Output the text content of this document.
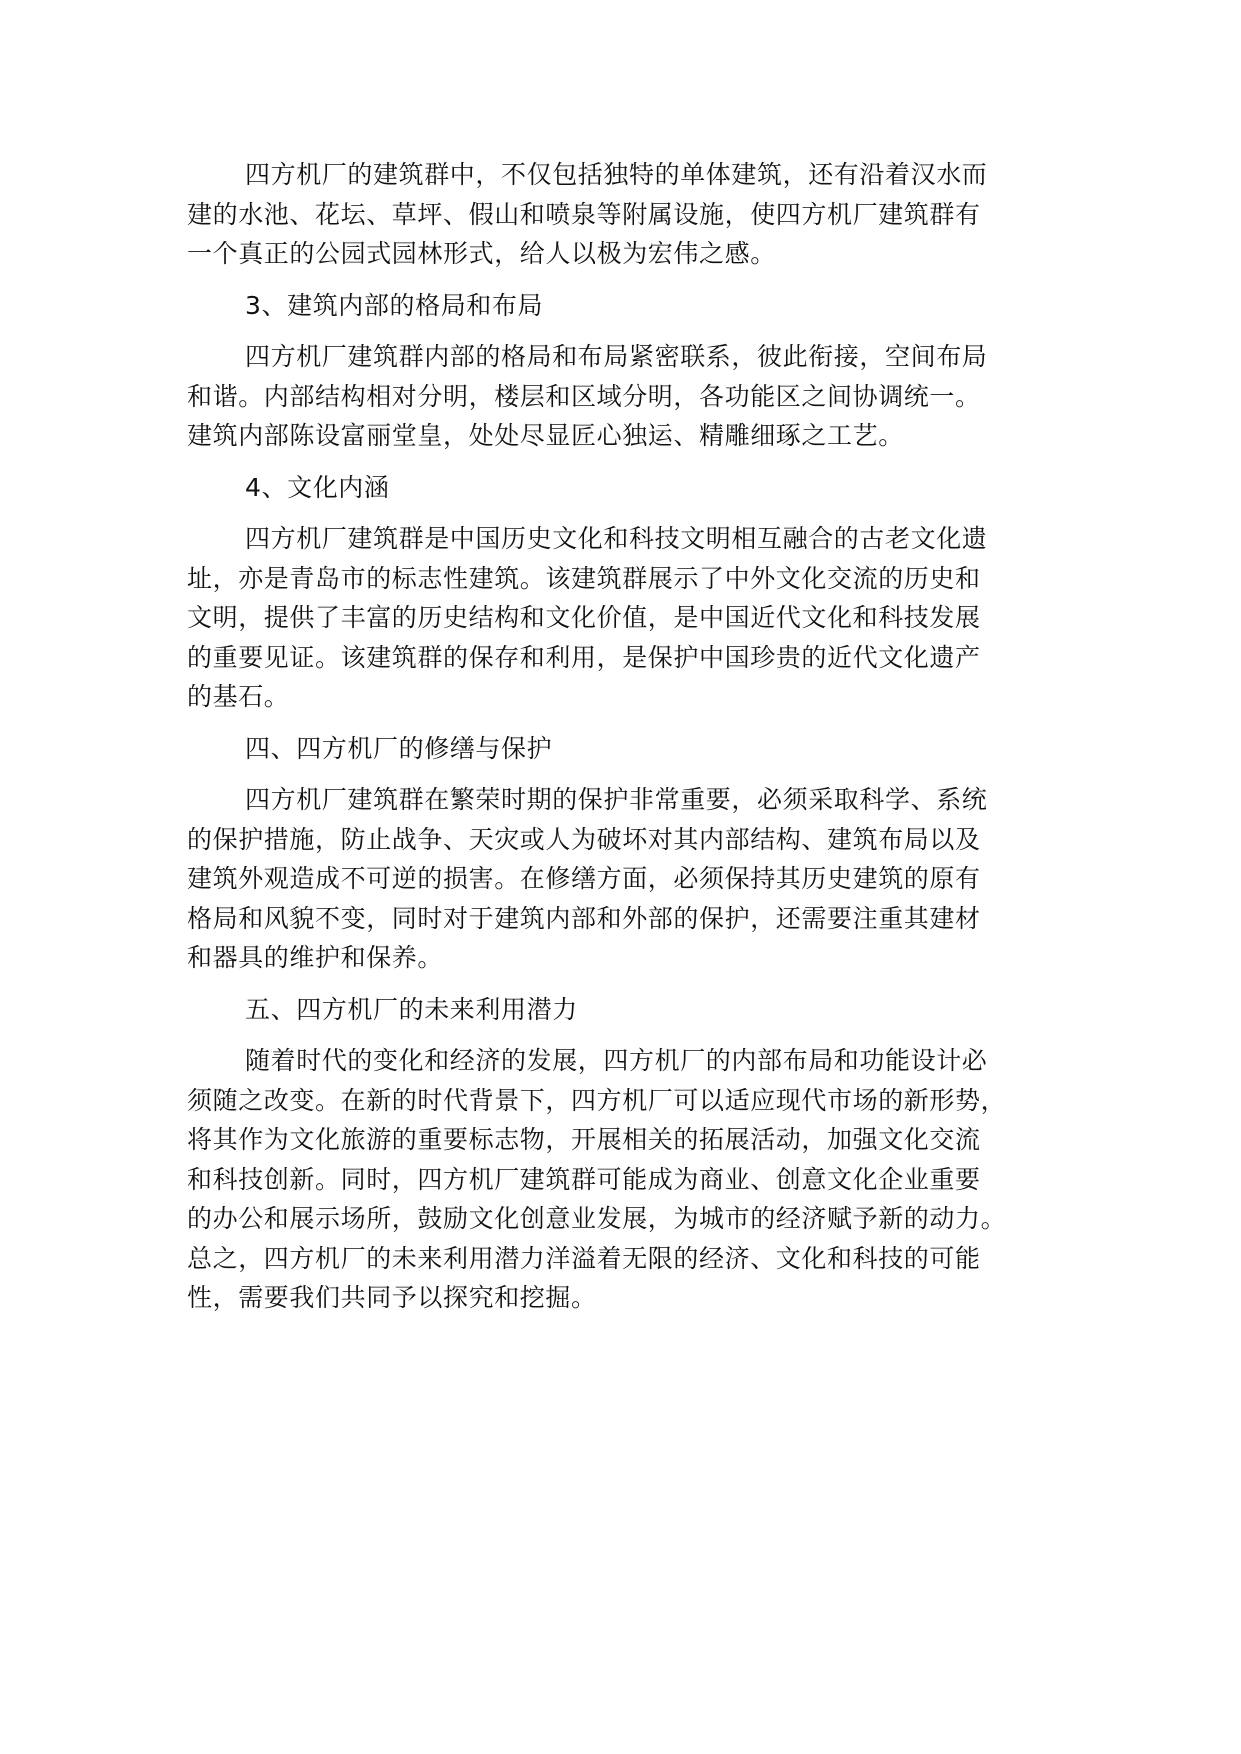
四方机厂的建筑群中，不仅包括独特的单体建筑，还有沿着汉水而
建的水池、花坛、草坪、假山和喷泉等附属设施，使四方机厂建筑群有
一个真正的公园式园林形式，给人以极为宏伟之感。
3、建筑内部的格局和布局
四方机厂建筑群内部的格局和布局紧密联系，彼此衔接，空间布局
和谐。内部结构相对分明，楼层和区域分明，各功能区之间协调统一。
建筑内部陈设富丽堂皇，处处尽显匠心独运、精雕细琢之工艺。
4、文化内涵
四方机厂建筑群是中国历史文化和科技文明相互融合的古老文化遗
址，亦是青岛市的标志性建筑。该建筑群展示了中外文化交流的历史和
文明，提供了丰富的历史结构和文化价值，是中国近代文化和科技发展
的重要见证。该建筑群的保存和利用，是保护中国珍贵的近代文化遗产
的基石。
四、四方机厂的修缮与保护
四方机厂建筑群在繁荣时期的保护非常重要，必须采取科学、系统
的保护措施，防止战争、天灾或人为破坏对其内部结构、建筑布局以及
建筑外观造成不可逆的损害。在修缮方面，必须保持其历史建筑的原有
格局和风貌不变，同时对于建筑内部和外部的保护，还需要注重其建材
和器具的维护和保养。
五、四方机厂的未来利用潜力
随着时代的变化和经济的发展，四方机厂的内部布局和功能设计必
须随之改变。在新的时代背景下，四方机厂可以适应现代市场的新形势，
将其作为文化旅游的重要标志物，开展相关的拓展活动，加强文化交流
和科技创新。同时，四方机厂建筑群可能成为商业、创意文化企业重要
的办公和展示场所，鼓励文化创意业发展，为城市的经济赋予新的动力。
总之，四方机厂的未来利用潜力洋溢着无限的经济、文化和科技的可能
性，需要我们共同予以探究和挖掘。
